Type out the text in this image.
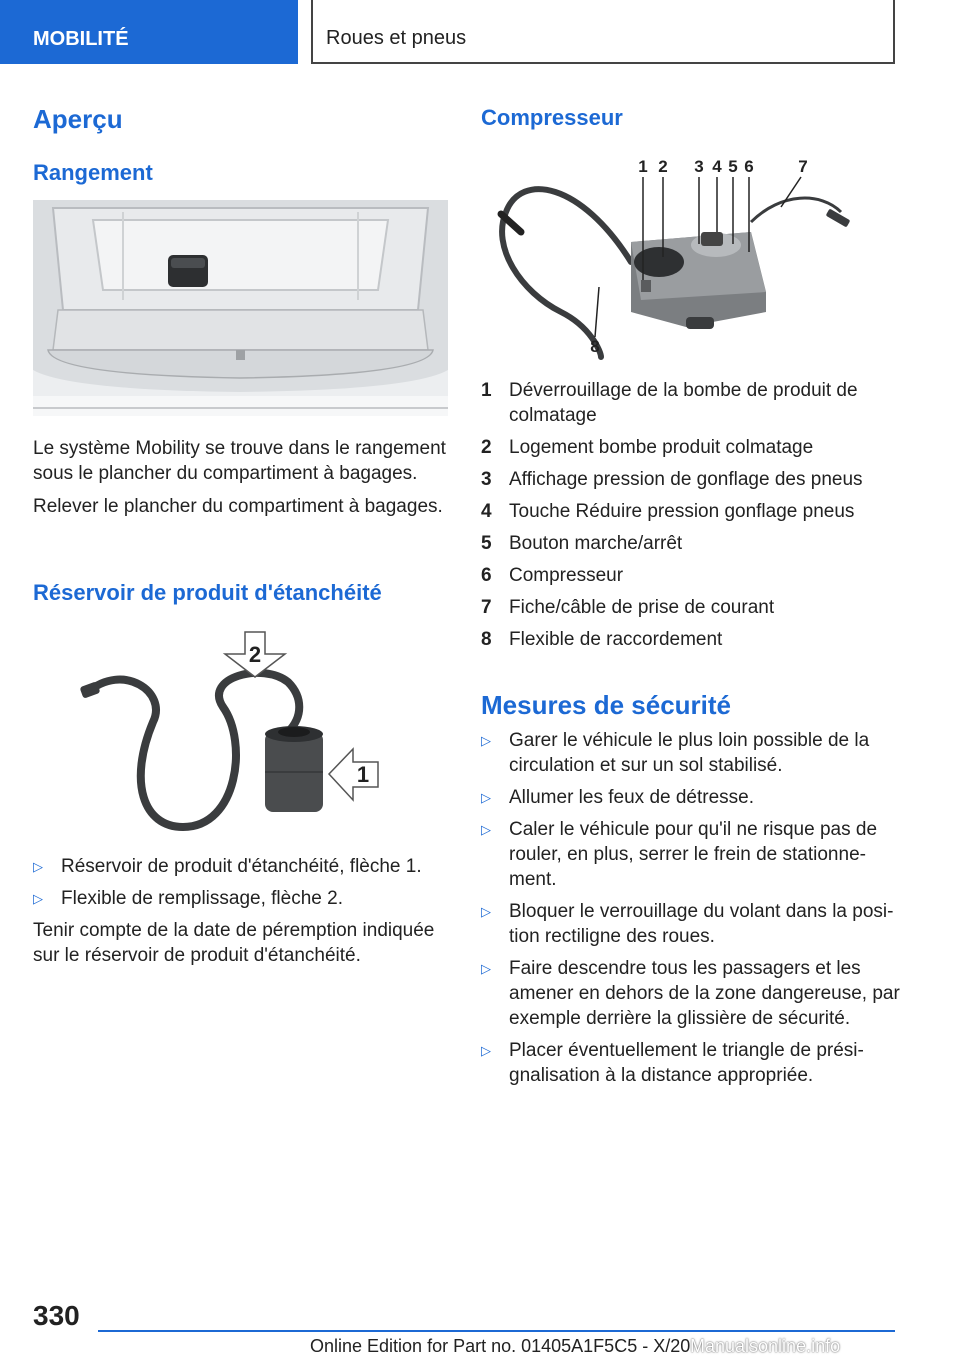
MOBILITÉ	Roues et pneus
Aperçu
Rangement

Le système Mobility se trouve dans le rangement sous le plancher du compartiment à bagages.

Relever le plancher du compartiment à bagages.

Réservoir de produit d'étanchéité
2
1
▷ Réservoir de produit d'étanchéité, flèche 1.
▷ Flexible de remplissage, flèche 2.
Tenir compte de la date de péremption indiquée sur le réservoir de produit d'étanchéité.
Compresseur
1 2 3 4 5 6	7
8
1 Déverrouillage de la bombe de produit de colmatage
2 Logement bombe produit colmatage
3 Affichage pression de gonflage des pneus
4 Touche Réduire pression gonflage pneus
5 Bouton marche/arrêt
6 Compresseur
7 Fiche/câble de prise de courant
8 Flexible de raccordement
Mesures de sécurité
▷ Garer le véhicule le plus loin possible de la circulation et sur un sol stabilisé.
▷ Allumer les feux de détresse.
▷ Caler le véhicule pour qu'il ne risque pas de rouler, en plus, serrer le frein de stationnement.
▷ Bloquer le verrouillage du volant dans la position rectiligne des roues.
▷ Faire descendre tous les passagers et les amener en dehors de la zone dangereuse, par exemple derrière la glissière de sécurité.
▷ Placer éventuellement le triangle de présignalisation à la distance appropriée.
330
Online Edition for Part no. 01405A1F5C5 - X/20 Manualsonline.info
